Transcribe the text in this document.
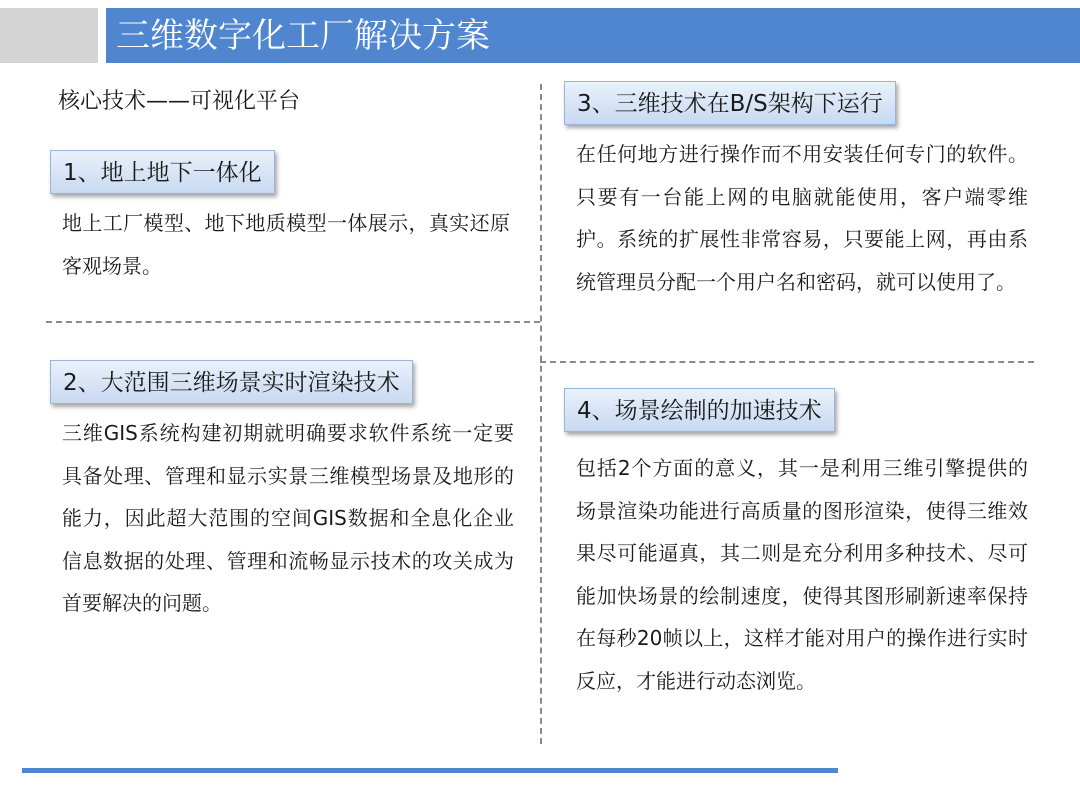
三维数字化工厂解决方案
核心技术——可视化平台
1、地上地下一体化
地上工厂模型、地下地质模型一体展示，真实还原客观场景。
2、大范围三维场景实时渲染技术
三维GIS系统构建初期就明确要求软件系统一定要具备处理、管理和显示实景三维模型场景及地形的能力，因此超大范围的空间GIS数据和全息化企业信息数据的处理、管理和流畅显示技术的攻关成为首要解决的问题。
3、三维技术在B/S架构下运行
在任何地方进行操作而不用安装任何专门的软件。只要有一台能上网的电脑就能使用，客户端零维护。系统的扩展性非常容易，只要能上网，再由系统管理员分配一个用户名和密码，就可以使用了。
4、场景绘制的加速技术
包括2个方面的意义，其一是利用三维引擎提供的场景渲染功能进行高质量的图形渲染，使得三维效果尽可能逼真，其二则是充分利用多种技术、尽可能加快场景的绘制速度，使得其图形刷新速率保持在每秒20帧以上，这样才能对用户的操作进行实时反应，才能进行动态浏览。
